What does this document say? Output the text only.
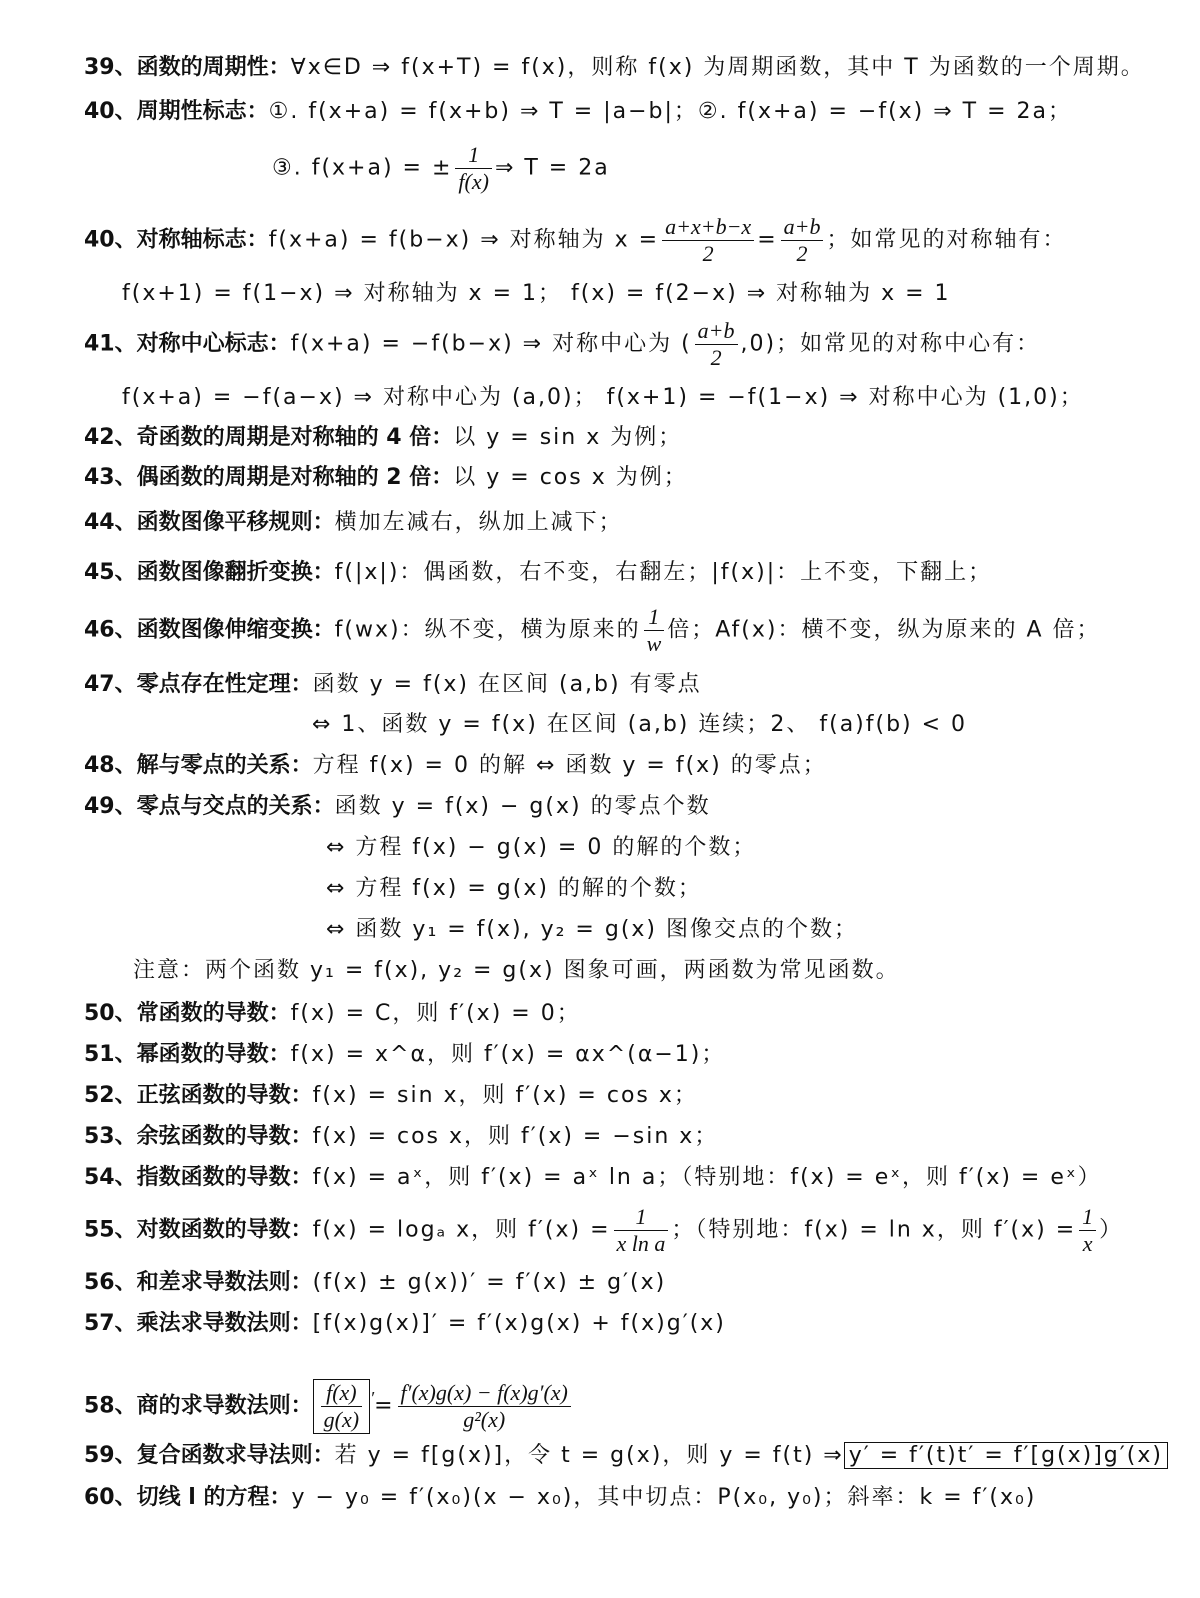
39、函数的周期性：∀x∈D ⇒ f(x+T) = f(x)，则称 f(x) 为周期函数，其中 T 为函数的一个周期。
40、周期性标志：①. f(x+a) = f(x+b) ⇒ T = |a−b|；②. f(x+a) = −f(x) ⇒ T = 2a；
③. f(x+a) = ± $\frac{1}{f(x)}$ ⇒ T = 2a
40、对称轴标志：f(x+a) = f(b−x) ⇒ 对称轴为 $x = \frac{a+x+b-x}{2} = \frac{a+b}{2}$ ；如常见的对称轴有：
f(x+1) = f(1−x) ⇒ 对称轴为 x = 1； f(x) = f(2−x) ⇒ 对称轴为 x = 1
41、对称中心标志：f(x+a) = −f(b−x) ⇒ 对称中心为 ( $\frac{a+b}{2} ,0$)；如常见的对称中心有：
f(x+a) = −f(a−x) ⇒ 对称中心为 (a,0)； f(x+1) = −f(1−x) ⇒ 对称中心为 (1,0)；
42、奇函数的周期是对称轴的 4 倍：以 y = sin x 为例；
43、偶函数的周期是对称轴的 2 倍：以 y = cos x 为例；
44、函数图像平移规则：横加左减右，纵加上减下；
45、函数图像翻折变换：f(|x|)：偶函数，右不变，右翻左；|f(x)|：上不变，下翻上；
46、函数图像伸缩变换：f(wx)：纵不变，横为原来的 $\frac{1}{w}$ 倍；Af(x)：横不变，纵为原来的 A 倍；
47、零点存在性定理：函数 y = f(x) 在区间 (a,b) 有零点
⇔ 1、函数 y = f(x) 在区间 (a,b) 连续；2、 f(a)f(b) < 0
48、解与零点的关系：方程 f(x) = 0 的解 ⇔ 函数 y = f(x) 的零点；
49、零点与交点的关系：函数 y = f(x) − g(x) 的零点个数
⇔ 方程 f(x) − g(x) = 0 的解的个数；
⇔ 方程 f(x) = g(x) 的解的个数；
⇔ 函数 y₁ = f(x), y₂ = g(x) 图像交点的个数；
注意：两个函数 y₁ = f(x), y₂ = g(x) 图象可画，两函数为常见函数。
50、常函数的导数：f(x) = C，则 f′(x) = 0；
51、幂函数的导数：f(x) = x^α，则 f′(x) = αx^(α−1)；
52、正弦函数的导数：f(x) = sin x，则 f′(x) = cos x；
53、余弦函数的导数：f(x) = cos x，则 f′(x) = −sin x；
54、指数函数的导数：f(x) = aˣ，则 f′(x) = aˣ ln a；（特别地：f(x) = eˣ，则 f′(x) = eˣ）
55、对数函数的导数：f(x) = logₐ x，则 $f'(x) = \frac{1}{\text{x ln a}}$ ；（特别地：f(x) = ln x，则 $f'(x) = \frac{1}{x}$ ）
56、和差求导数法则：(f(x) ± g(x))′ = f′(x) ± g′(x)
57、乘法求导数法则：[f(x)g(x)]′ = f′(x)g(x) + f(x)g′(x)
58、商的求导数法则： $\frac{f(x)}{g(x)} '= \frac{f'(x)g(x) - f(x)g'(x)}{\text{g²(x)}}$
59、复合函数求导法则：若 y = f[g(x)]，令 t = g(x)，则 y = f(t) ⇒ y′ = f′(t)t′ = f′[g(x)]g′(x)
60、切线 l 的方程：y − y₀ = f′(x₀)(x − x₀)，其中切点：P(x₀, y₀)；斜率：k = f′(x₀)
